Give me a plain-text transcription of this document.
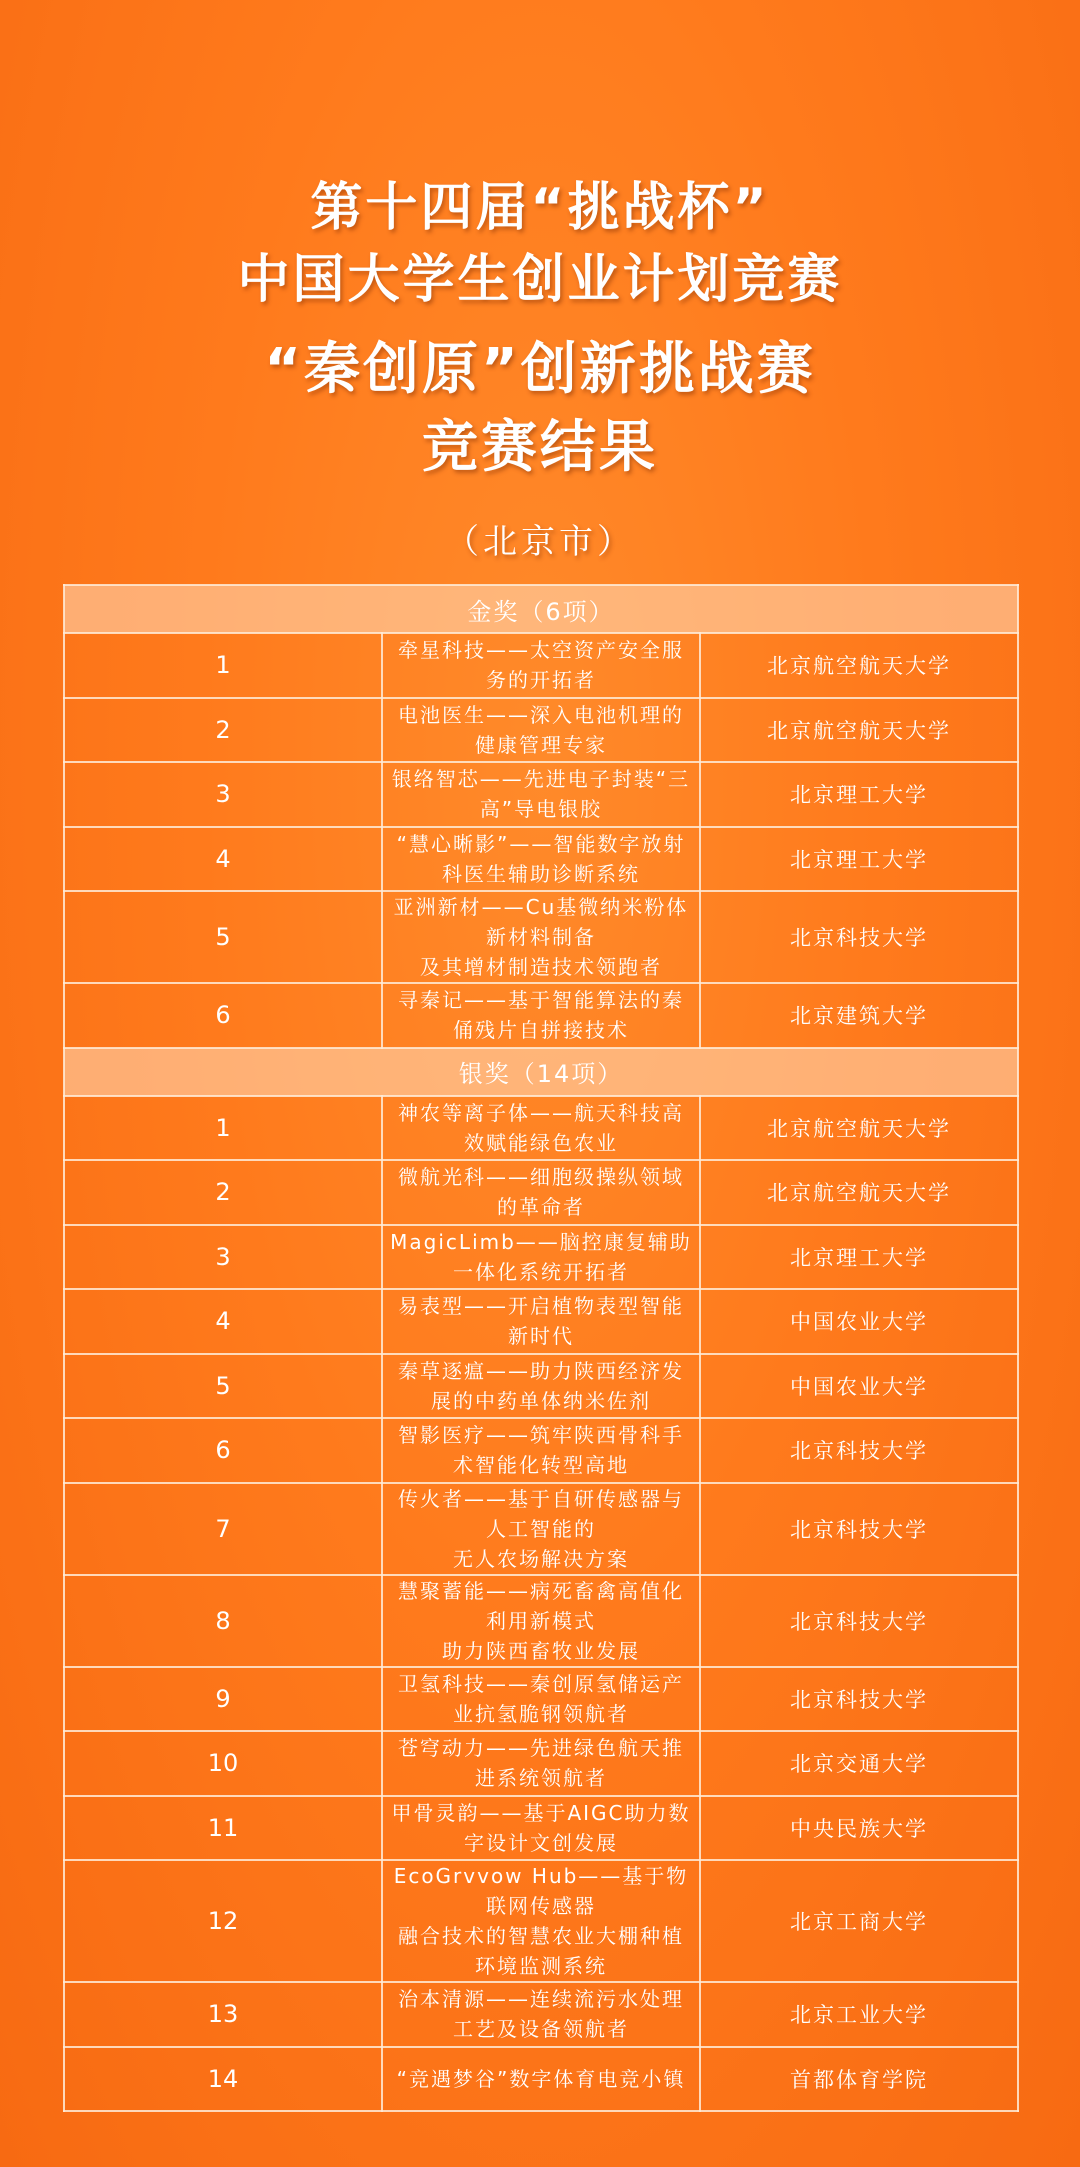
第十四届“挑战杯”

中国大学生创业计划竞赛

“秦创原”创新挑战赛

竞赛结果

（北京市）

金奖（6项）		
1	牵星科技——太空资产安全服务的开拓者	北京航空航天大学
2	电池医生——深入电池机理的健康管理专家	北京航空航天大学
3	银络智芯——先进电子封装“三高”导电银胶	北京理工大学
4	“慧心晰影”——智能数字放射科医生辅助诊断系统	北京理工大学
5	亚洲新材——Cu基微纳米粉体新材料制备
及其增材制造技术领跑者	北京科技大学
6	寻秦记——基于智能算法的秦俑残片自拼接技术	北京建筑大学
银奖（14项）		
1	神农等离子体——航天科技高效赋能绿色农业	北京航空航天大学
2	微航光科——细胞级操纵领域的革命者	北京航空航天大学
3	MagicLimb——脑控康复辅助一体化系统开拓者	北京理工大学
4	易表型——开启植物表型智能新时代	中国农业大学
5	秦草逐瘟——助力陕西经济发展的中药单体纳米佐剂	中国农业大学
6	智影医疗——筑牢陕西骨科手术智能化转型高地	北京科技大学
7	传火者——基于自研传感器与人工智能的
无人农场解决方案	北京科技大学
8	慧聚蓄能——病死畜禽高值化利用新模式
助力陕西畜牧业发展	北京科技大学
9	卫氢科技——秦创原氢储运产业抗氢脆钢领航者	北京科技大学
10	苍穹动力——先进绿色航天推进系统领航者	北京交通大学
11	甲骨灵韵——基于AIGC助力数字设计文创发展	中央民族大学
12	EcoGrvvow Hub——基于物联网传感器
融合技术的智慧农业大棚种植环境监测系统	北京工商大学
13	治本清源——连续流污水处理工艺及设备领航者	北京工业大学
14	“竞遇梦谷”数字体育电竞小镇	首都体育学院
